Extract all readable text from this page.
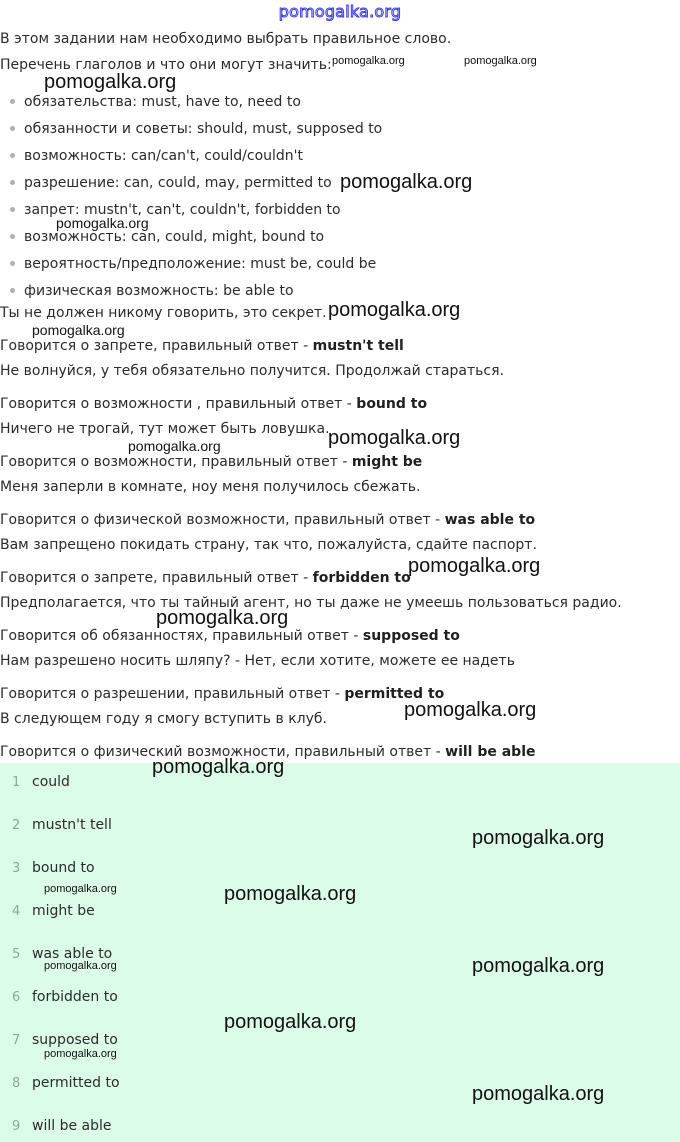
pomogalka.org
В этом задании нам необходимо выбрать правильное слово.
Перечень глаголов и что они могут значить:
обязательства: must, have to, need to
обязанности и советы: should, must, supposed to
возможность: can/can't, could/couldn't
разрешение: can, could, may, permitted to
запрет: mustn't, can't, couldn't, forbidden to
возможность: can, could, might, bound to
вероятность/предположение: must be, could be
физическая возможность: be able to
Ты не должен никому говорить, это секрет.
Говорится о запрете, правильный ответ - mustn't tell
Не волнуйся, у тебя обязательно получится. Продолжай стараться.
Говорится о возможности , правильный ответ - bound to
Ничего не трогай, тут может быть ловушка.
Говорится о возможности, правильный ответ - might be
Меня заперли в комнате, ноу меня получилось сбежать.
Говорится о физической возможности, правильный ответ - was able to
Вам запрещено покидать страну, так что, пожалуйста, сдайте паспорт.
Говорится о запрете, правильный ответ - forbidden to
Предполагается, что ты тайный агент, но ты даже не умеешь пользоваться радио.
Говорится об обязанностях, правильный ответ - supposed to
Нам разрешено носить шляпу? - Нет, если хотите, можете ее надеть
Говорится о разрешении, правильный ответ - permitted to
В следующем году я смогу вступить в клуб.
Говорится о физический возможности, правильный ответ - will be able
1 could
2 mustn't tell
3 bound to
4 might be
5 was able to
6 forbidden to
7 supposed to
8 permitted to
9 will be able
pomogalka.org	pomogalka.org
pomogalka.org
pomogalka.org
pomogalka.org
pomogalka.org
pomogalka.org
pomogalka.org
pomogalka.org
pomogalka.org
pomogalka.org
pomogalka.org
pomogalka.org
pomogalka.org
pomogalka.org
pomogalka.org
pomogalka.org	pomogalka.org
pomogalka.org
pomogalka.org
pomogalka.org
